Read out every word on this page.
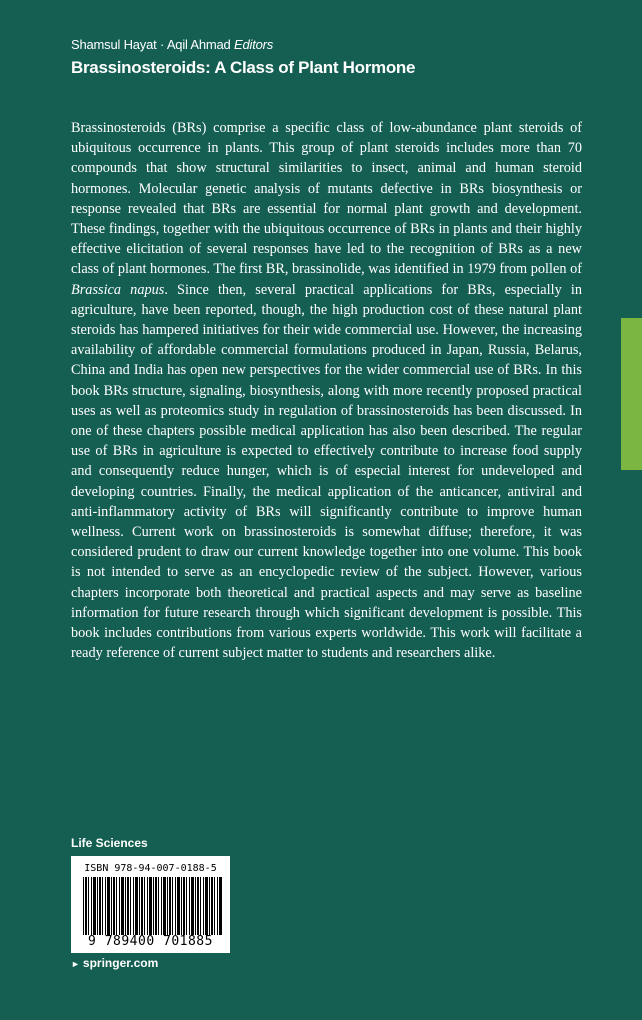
Shamsul Hayat · Aqil Ahmad Editors
Brassinosteroids: A Class of Plant Hormone

Brassinosteroids (BRs) comprise a specific class of low-abundance plant steroids of ubiquitous occurrence in plants. This group of plant steroids includes more than 70 compounds that show structural similarities to insect, animal and human steroid hormones. Molecular genetic analysis of mutants defective in BRs biosynthesis or response revealed that BRs are essential for normal plant growth and development. These findings, together with the ubiquitous occurrence of BRs in plants and their highly effective elicitation of several responses have led to the recognition of BRs as a new class of plant hormones. The first BR, brassinolide, was identified in 1979 from pollen of Brassica napus. Since then, several practical applications for BRs, especially in agriculture, have been reported, though, the high production cost of these natural plant steroids has hampered initiatives for their wide commercial use. However, the increasing availability of affordable commercial formulations produced in Japan, Russia, Belarus, China and India has open new perspectives for the wider commercial use of BRs. In this book BRs structure, signaling, biosynthesis, along with more recently proposed practical uses as well as proteomics study in regulation of brassinosteroids has been discussed. In one of these chapters possible medical application has also been described. The regular use of BRs in agriculture is expected to effectively contribute to increase food supply and consequently reduce hunger, which is of especial interest for undeveloped and developing countries. Finally, the medical application of the anticancer, antiviral and anti-inflammatory activity of BRs will significantly contribute to improve human wellness. Current work on brassinosteroids is somewhat diffuse; therefore, it was considered prudent to draw our current knowledge together into one volume. This book is not intended to serve as an encyclopedic review of the subject. However, various chapters incorporate both theoretical and practical aspects and may serve as baseline information for future research through which significant development is possible. This book includes contributions from various experts worldwide. This work will facilitate a ready reference of current subject matter to students and researchers alike.

Life Sciences
ISBN 978-94-007-0188-5
9 789400 701885
► springer.com
